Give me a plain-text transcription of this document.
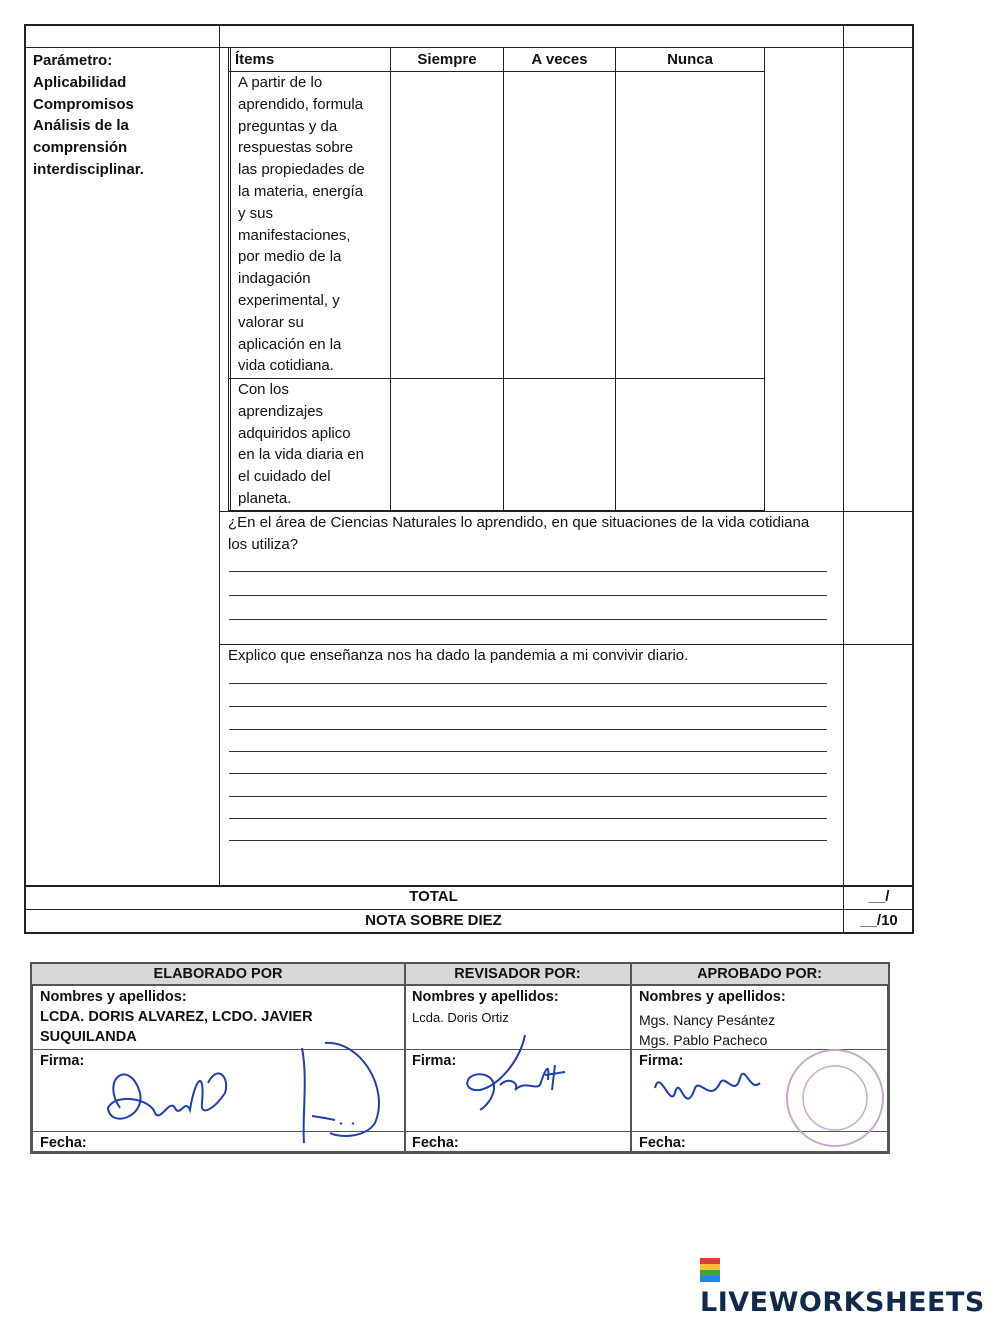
Parámetro:
Aplicabilidad
Compromisos
Análisis de la
comprensión
interdisciplinar.
Ítems	Siempre	A veces	Nunca
A partir de lo
aprendido, formula
preguntas y da
respuestas sobre
las propiedades de
la materia, energía
y sus
manifestaciones,
por medio de la
indagación
experimental, y
valorar su
aplicación en la
vida cotidiana.
Con los
aprendizajes
adquiridos aplico
en la vida diaria en
el cuidado del
planeta.
¿En el área de Ciencias Naturales lo aprendido, en que situaciones de la vida cotidiana los utiliza?
Explico que enseñanza nos ha dado la pandemia a mi convivir diario.
TOTAL	__/
NOTA SOBRE DIEZ	__/10
ELABORADO POR	REVISADOR POR:	APROBADO POR:
Nombres y apellidos:
LCDA. DORIS ALVAREZ, LCDO. JAVIER
SUQUILANDA
Nombres y apellidos:
Lcda. Doris Ortiz
Nombres y apellidos:
Mgs. Nancy Pesántez
Mgs. Pablo Pacheco
Firma:	Firma:	Firma:
Fecha:	Fecha:	Fecha:
LIVEWORKSHEETS
